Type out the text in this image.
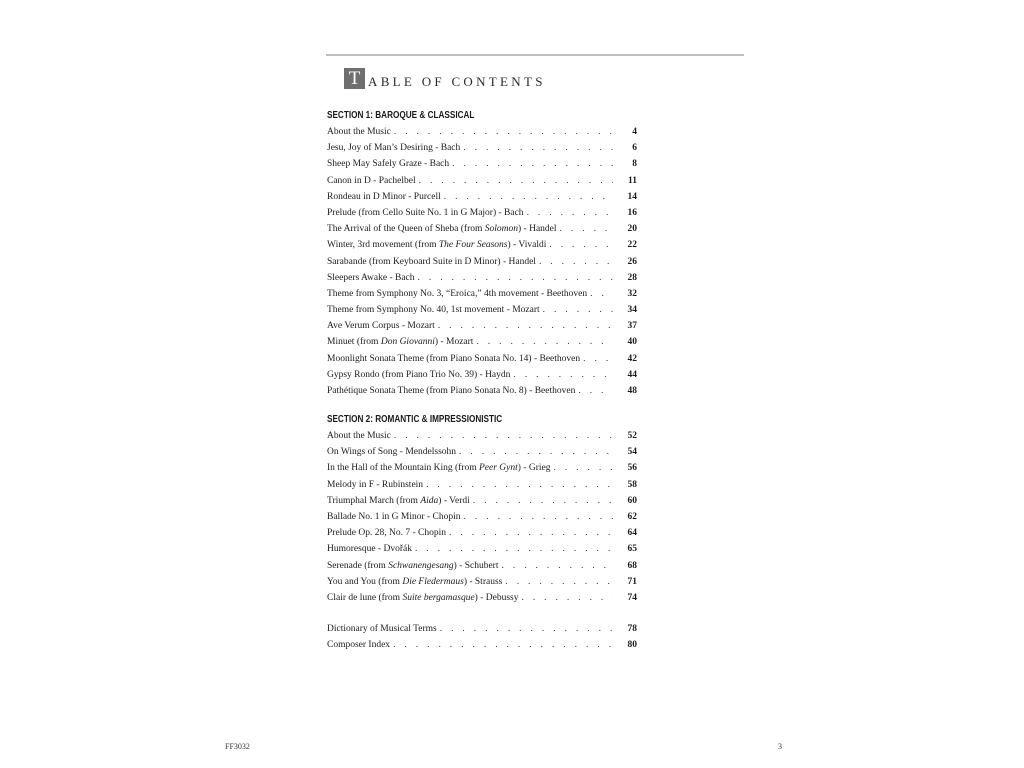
T ABLE OF CONTENTS
SECTION 1: BAROQUE & CLASSICAL
About the Music . . .	4
Jesu, Joy of Man’s Desiring - Bach . . .	6
Sheep May Safely Graze - Bach . . .	8
Canon in D - Pachelbel . . .	11
Rondeau in D Minor - Purcell . . .	14
Prelude (from Cello Suite No. 1 in G Major) - Bach . . .	16
The Arrival of the Queen of Sheba (from Solomon) - Handel . . .	20
Winter, 3rd movement (from The Four Seasons) - Vivaldi . . .	22
Sarabande (from Keyboard Suite in D Minor) - Handel . . .	26
Sleepers Awake - Bach . . .	28
Theme from Symphony No. 3, “Eroica,” 4th movement - Beethoven . . .	32
Theme from Symphony No. 40, 1st movement - Mozart . . .	34
Ave Verum Corpus - Mozart . . .	37
Minuet (from Don Giovanni) - Mozart . . .	40
Moonlight Sonata Theme (from Piano Sonata No. 14) - Beethoven . . .	42
Gypsy Rondo (from Piano Trio No. 39) - Haydn . . .	44
Pathétique Sonata Theme (from Piano Sonata No. 8) - Beethoven . . .	48
SECTION 2: ROMANTIC & IMPRESSIONISTIC
About the Music . . .	52
On Wings of Song - Mendelssohn . . .	54
In the Hall of the Mountain King (from Peer Gynt) - Grieg . . .	56
Melody in F - Rubinstein . . .	58
Triumphal March (from Aida) - Verdi . . .	60
Ballade No. 1 in G Minor - Chopin . . .	62
Prelude Op. 28, No. 7 - Chopin . . .	64
Humoresque - Dvořák . . .	65
Serenade (from Schwanengesang) - Schubert . . .	68
You and You (from Die Fledermaus) - Strauss . . .	71
Clair de lune (from Suite bergamasque) - Debussy . . .	74
Dictionary of Musical Terms . . .	78
Composer Index . . .	80
FF3032	3
